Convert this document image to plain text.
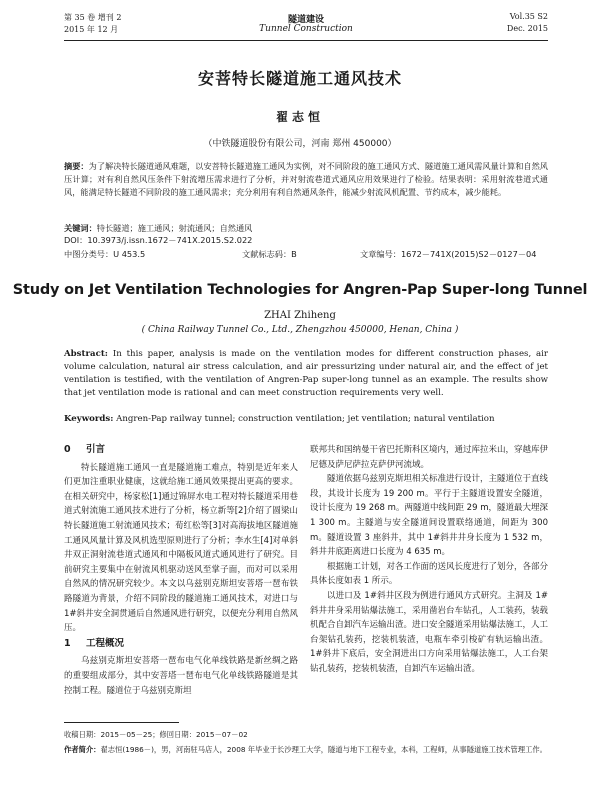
第 35 卷 增刊 2
2015 年 12 月
隧道建设
Tunnel Construction
Vol.35 S2
Dec. 2015
安菩特长隧道施工通风技术
翟志恒
（中铁隧道股份有限公司，河南 郑州 450000）
摘要：为了解决特长隧道通风难题，以安菩特长隧道施工通风为实例，对不同阶段的施工通风方式、隧道施工通风需风量计算和自然风压计算；对有利自然风压条件下射流增压需求进行了分析，并对射流巷道式通风应用效果进行了检验。结果表明：采用射流巷道式通风，能满足特长隧道不同阶段的施工通风需求；充分利用有利自然通风条件，能减少射流风机配置、节约成本，减少能耗。
关键词：特长隧道；施工通风；射流通风；自然通风
DOI：10.3973/j.issn.1672－741X.2015.S2.022
中图分类号：U 453.5	文献标志码：B	文章编号：1672－741X(2015)S2－0127－04
Study on Jet Ventilation Technologies for Angren-Pap Super-long Tunnel
ZHAI Zhiheng
( China Railway Tunnel Co., Ltd., Zhengzhou 450000, Henan, China )
Abstract: In this paper, analysis is made on the ventilation modes for different construction phases, air volume calculation, natural air stress calculation, and air pressurizing under natural air, and the effect of jet ventilation is testified, with the ventilation of Angren-Pap super-long tunnel as an example. The results show that jet ventilation mode is rational and can meet construction requirements very well.
Keywords: Angren-Pap railway tunnel; construction ventilation; jet ventilation; natural ventilation
0 引言

特长隧道施工通风一直是隧道施工难点，特别是近年来人们更加注重职业健康，这就给施工通风效果提出更高的要求。在相关研究中，杨家松[1]通过锦屏水电工程对特长隧道采用巷道式射流施工通风技术进行了分析，杨立新等[2]介绍了圆梁山特长隧道施工射流通风技术；荀红松等[3]对高海拔地区隧道施工通风风量计算及风机选型原则进行了分析；李水生[4]对单斜井双正洞射流巷道式通风和中隔板风道式通风进行了研究。目前研究主要集中在射流风机驱动送风至掌子面，而对可以采用自然风的情况研究较少。本文以乌兹别克斯坦安菩塔一琶布铁路隧道为背景，介绍不同阶段的隧道施工通风技术，对进口与1#斜井安全洞贯通后自然通风进行研究，以便充分利用自然风压。

1 工程概况

乌兹别克斯坦安菩塔一琶布电气化单线铁路是新丝绸之路的重要组成部分，其中安菩塔一琶布电气化单线铁路隧道是其控制工程。隧道位于乌兹别克斯坦

联邦共和国纳曼干省巴托斯科区境内，通过库拉米山，穿越库伊尼德及萨尼萨拉克萨伊河流域。

隧道依据乌兹别克斯坦相关标准进行设计，主隧道位于直线段，其设计长度为 19 200 m。平行于主隧道设置安全隧道，设计长度为 19 268 m。两隧道中线间距 29 m，隧道最大埋深 1 300 m。主隧道与安全隧道间设置联络通道，间距为 300 m。隧道设置 3 座斜井，其中 1#斜井井身长度为 1 532 m，斜井井底距离进口长度为 4 635 m。

根据施工计划，对各工作面的送风长度进行了划分，各部分具体长度如表 1 所示。

以进口及 1#斜井区段为例进行通风方式研究。主洞及 1#斜井井身采用钻爆法施工，采用凿岩台车钻孔，人工装药，装载机配合自卸汽车运输出渣。进口安全隧道采用钻爆法施工，人工台架钻孔装药，挖装机装渣，电瓶车牵引梭矿有轨运输出渣。1#斜井下底后，安全洞进出口方向采用钻爆法施工，人工台架钻孔装药，挖装机装渣，自卸汽车运输出渣。

收稿日期：2015－05－25；修回日期：2015－07－02
作者简介：翟志恒(1986－)，男，河南驻马店人，2008 年毕业于长沙理工大学，隧道与地下工程专业，本科，工程师，从事隧道施工技术管理工作。
